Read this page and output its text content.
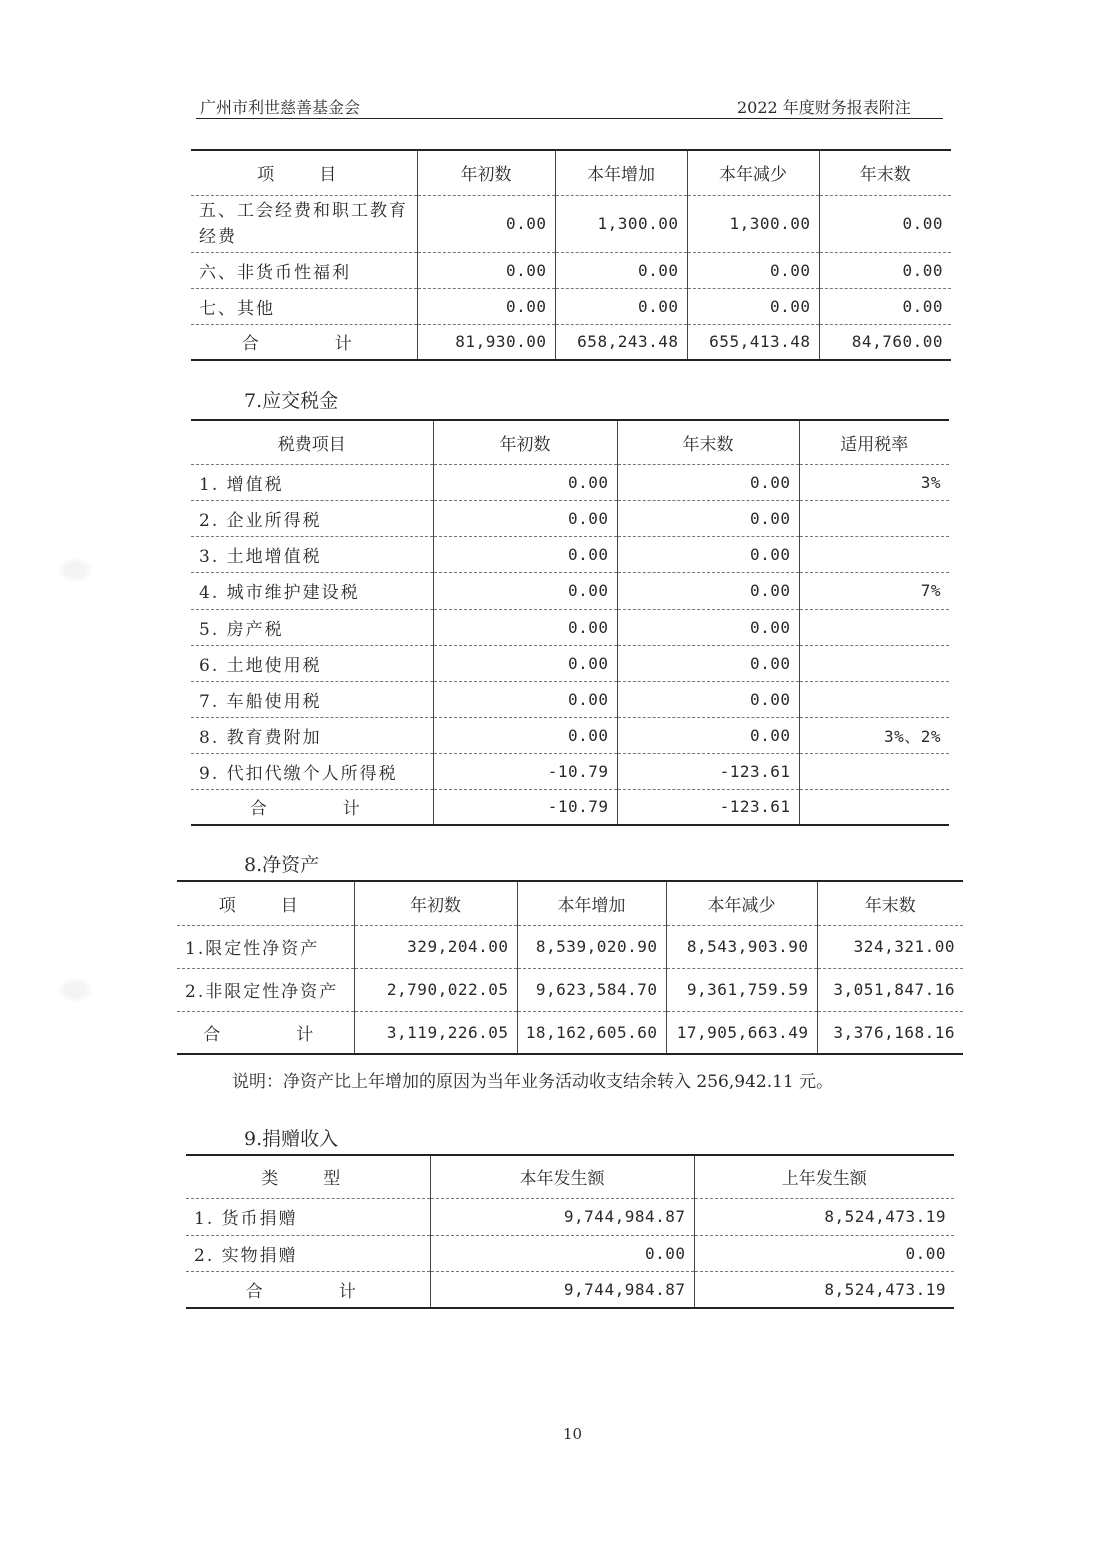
广州市利世慈善基金会	2022 年度财务报表附注
项　目	年初数	本年增加	本年减少	年末数
五、工会经费和职工教育经费	0.00	1,300.00	1,300.00	0.00
六、非货币性福利	0.00	0.00	0.00	0.00
七、其他	0.00	0.00	0.00	0.00
合　　计	81,930.00	658,243.48	655,413.48	84,760.00
7.应交税金
税费项目	年初数	年末数	适用税率
1. 增值税	0.00	0.00	3%
2. 企业所得税	0.00	0.00	
3. 土地增值税	0.00	0.00	
4. 城市维护建设税	0.00	0.00	7%
5. 房产税	0.00	0.00	
6. 土地使用税	0.00	0.00	
7. 车船使用税	0.00	0.00	
8. 教育费附加	0.00	0.00	3%、2%
9. 代扣代缴个人所得税	-10.79	-123.61	
合　　计	-10.79	-123.61	
8.净资产
项　目	年初数	本年增加	本年减少	年末数
1.限定性净资产	329,204.00	8,539,020.90	8,543,903.90	324,321.00
2.非限定性净资产	2,790,022.05	9,623,584.70	9,361,759.59	3,051,847.16
合　　计	3,119,226.05	18,162,605.60	17,905,663.49	3,376,168.16
说明：净资产比上年增加的原因为当年业务活动收支结余转入 256,942.11 元。
9.捐赠收入
类　型	本年发生额	上年发生额
1. 货币捐赠	9,744,984.87	8,524,473.19
2. 实物捐赠	0.00	0.00
合　　计	9,744,984.87	8,524,473.19
10
